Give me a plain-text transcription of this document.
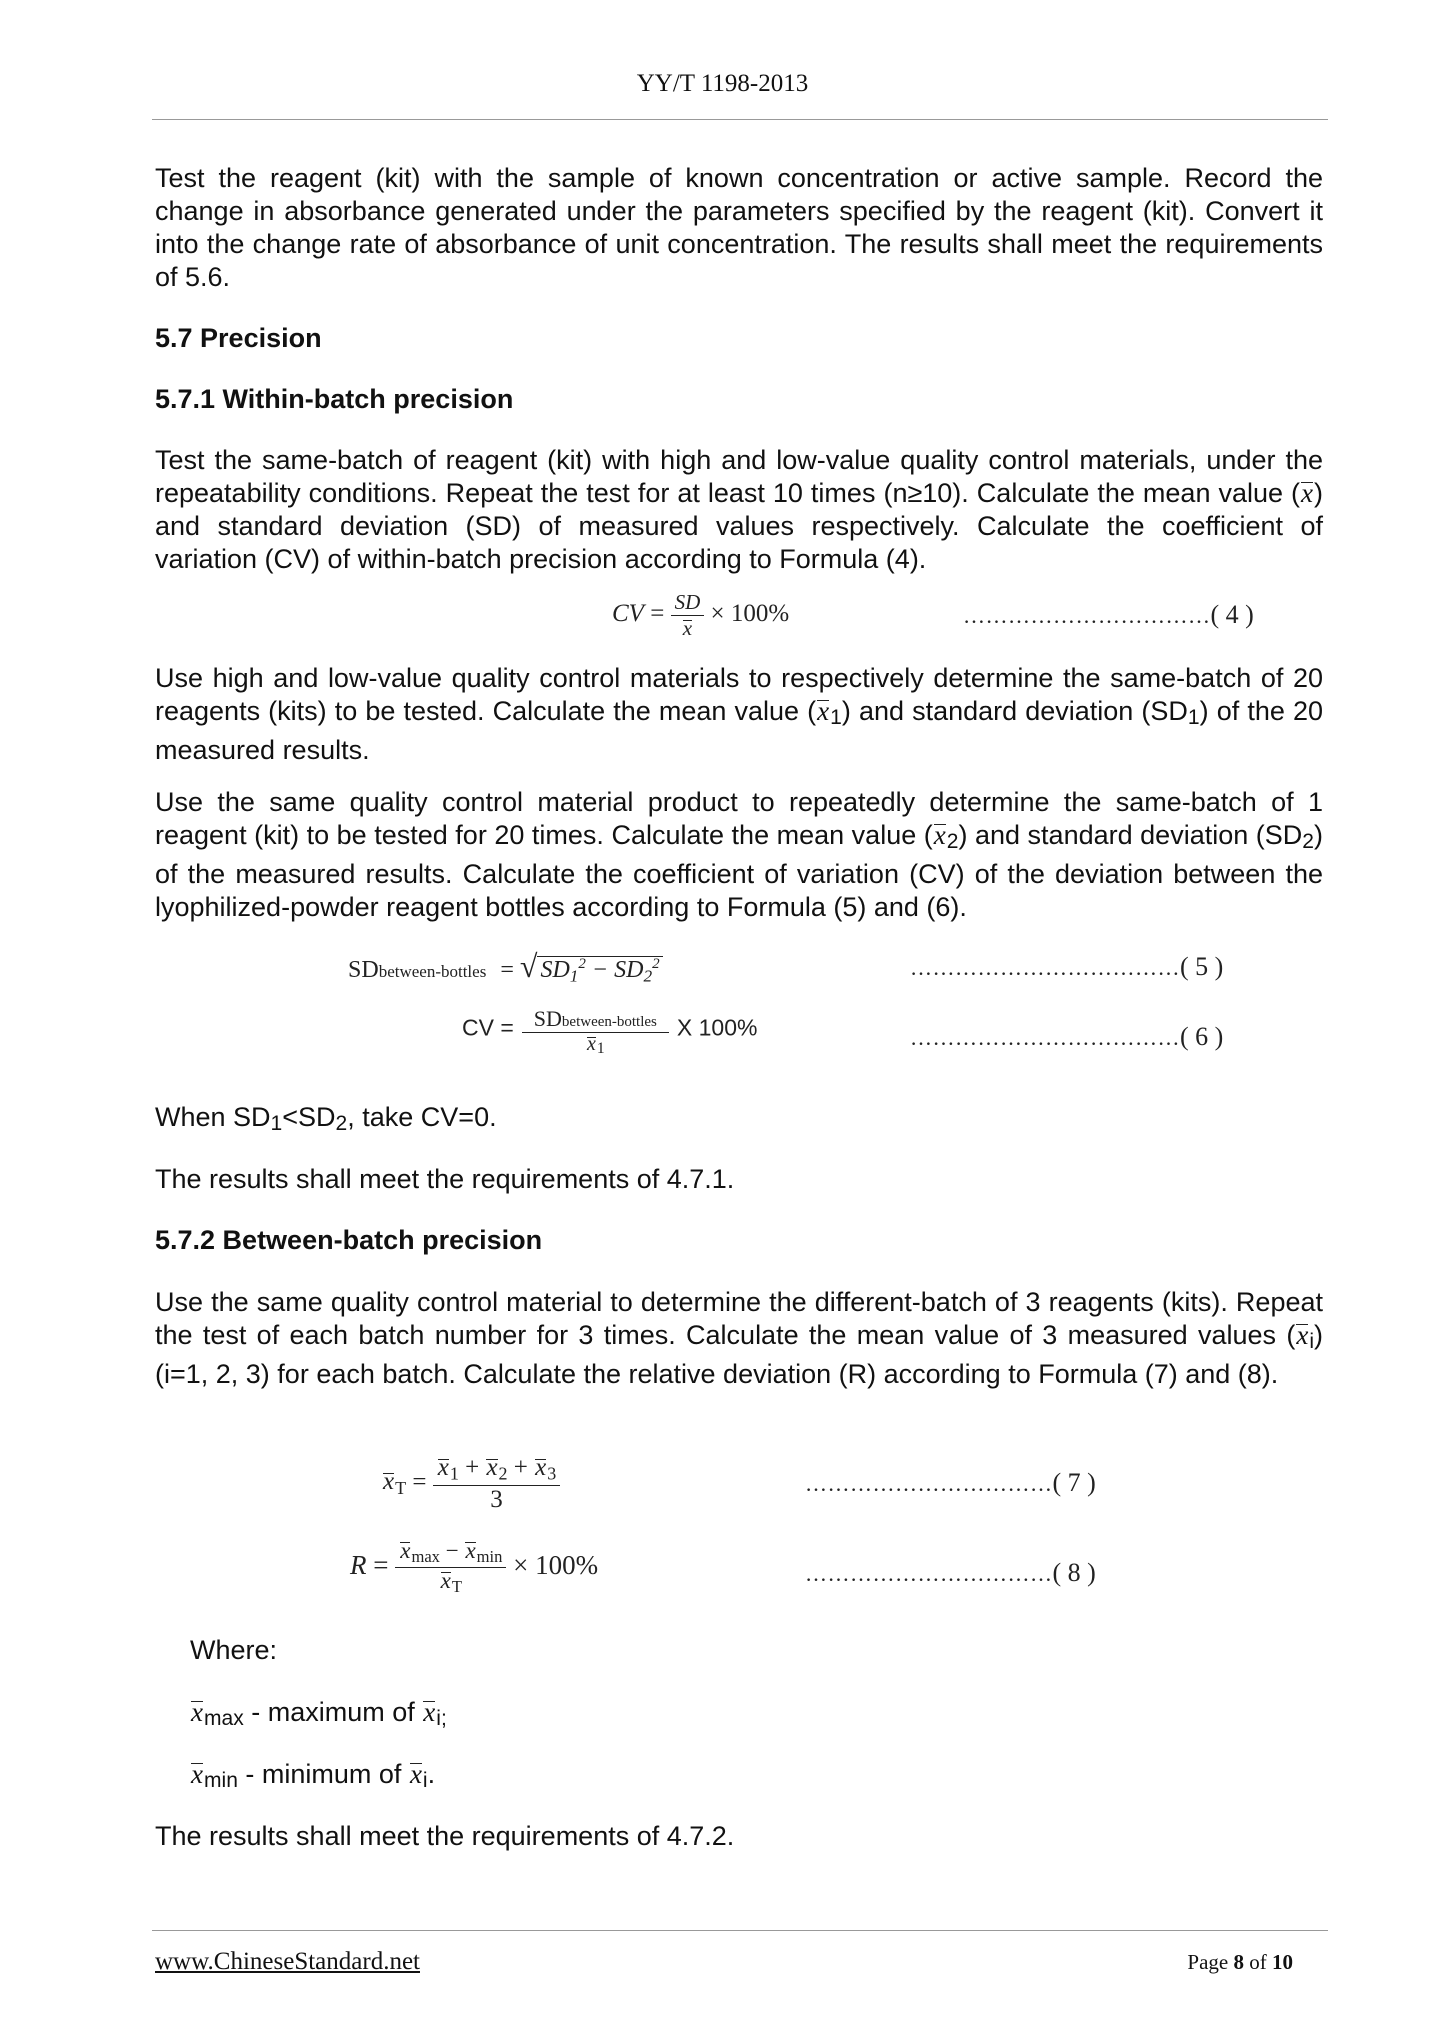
YY/T 1198-2013
Test the reagent (kit) with the sample of known concentration or active sample. Record the change in absorbance generated under the parameters specified by the reagent (kit). Convert it into the change rate of absorbance of unit concentration. The results shall meet the requirements of 5.6.
5.7 Precision
5.7.1 Within-batch precision
Test the same-batch of reagent (kit) with high and low-value quality control materials, under the repeatability conditions. Repeat the test for at least 10 times (n≥10). Calculate the mean value (x) and standard deviation (SD) of measured values respectively. Calculate the coefficient of variation (CV) of within-batch precision according to Formula (4).
CV = $\frac{SD}{x} \times 100\%$	……………………………( 4 )
Use high and low-value quality control materials to respectively determine the same-batch of 20 reagents (kits) to be tested. Calculate the mean value (x1) and standard deviation (SD1) of the 20 measured results.
Use the same quality control material product to repeatedly determine the same-batch of 1 reagent (kit) to be tested for 20 times. Calculate the mean value (x2) and standard deviation (SD2) of the measured results. Calculate the coefficient of variation (CV) of the deviation between the lyophilized-powder reagent bottles according to Formula (5) and (6).
SDbetween-bottles = √ $SD_1^2 - SD_2^2$	………………………………( 5 )
CV = $\frac{\text{SDbetween-bottles}}{x1}$ X 100%	………………………………( 6 )
When SD1<SD2, take CV=0.
The results shall meet the requirements of 4.7.1.
5.7.2 Between-batch precision
Use the same quality control material to determine the different-batch of 3 reagents (kits). Repeat the test of each batch number for 3 times. Calculate the mean value of 3 measured values (xi) (i=1, 2, 3) for each batch. Calculate the relative deviation (R) according to Formula (7) and (8).
$x_T = \frac{x_1 + x_2 + x_3}{3}$	……………………………( 7 )
$R = \frac{x_{max} - x_{min}}{x_T} \times 100\%$	……………………………( 8 )
Where:
xmax - maximum of xi;
xmin - minimum of xi.
The results shall meet the requirements of 4.7.2.
www.ChineseStandard.net	Page 8 of 10
